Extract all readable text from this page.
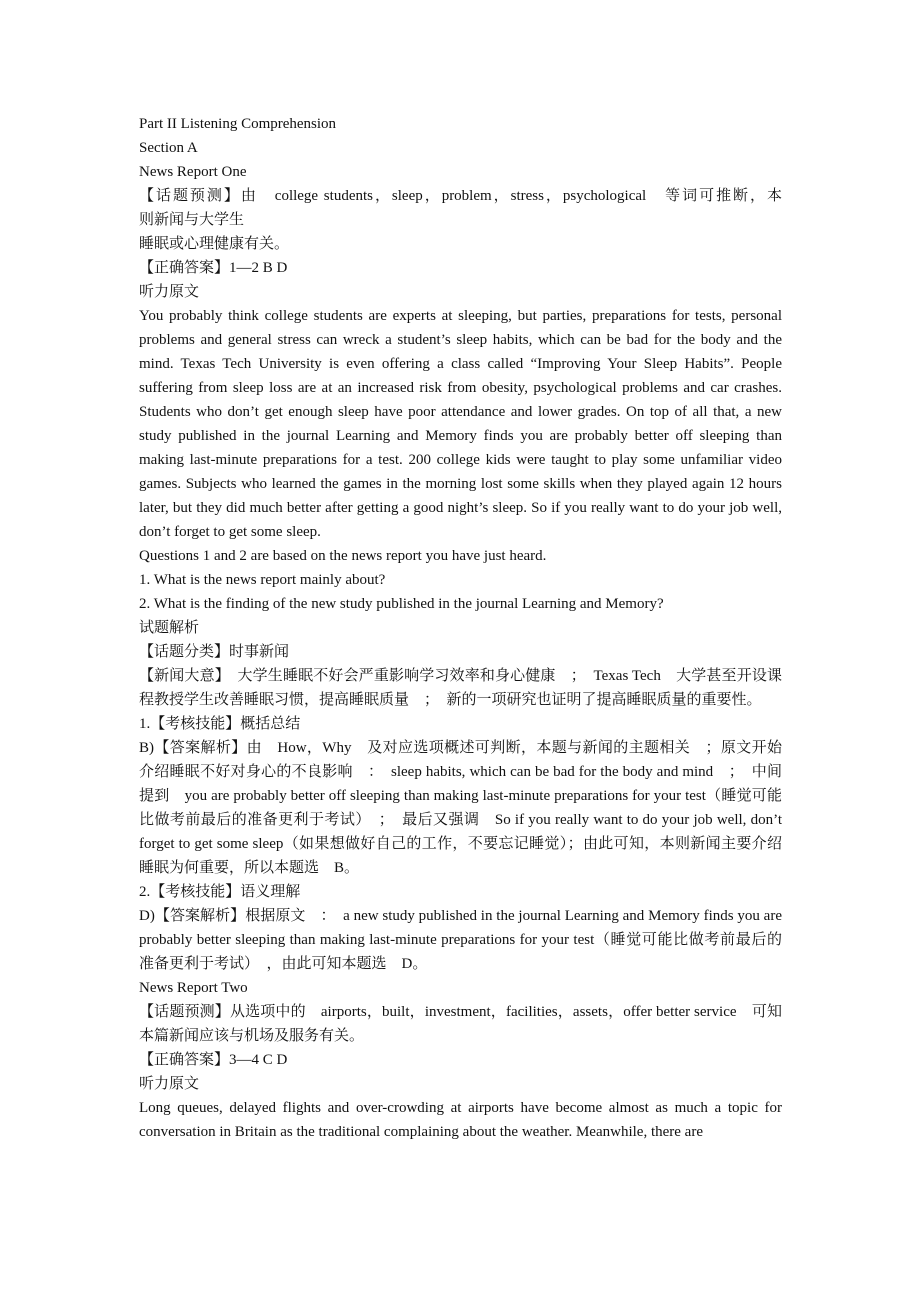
Part II Listening Comprehension

Section A

News Report One

【话题预测】由　college students，sleep，problem，stress，psychological　等词可推断，本

则新闻与大学生

睡眠或心理健康有关。

【正确答案】1—2 B D

听力原文

You probably think college students are experts at sleeping, but parties, preparations for tests, personal problems and general stress can wreck a student’s sleep habits, which can be bad for the body and the mind. Texas Tech University is even offering a class called “Improving Your Sleep Habits”. People suffering from sleep loss are at an increased risk from obesity, psychological problems and car crashes. Students who don’t get enough sleep have poor attendance and lower grades. On top of all that, a new study published in the journal Learning and Memory finds you are probably better off sleeping than making last-minute preparations for a test. 200 college kids were taught to play some unfamiliar video games. Subjects who learned the games in the morning lost some skills when they played again 12 hours later, but they did much better after getting a good night’s sleep. So if you really want to do your job well, don’t forget to get some sleep.

Questions 1 and 2 are based on the news report you have just heard.

1. What is the news report mainly about?

2. What is the finding of the new study published in the journal Learning and Memory?

试题解析

【话题分类】时事新闻

【新闻大意】　大学生睡眠不好会严重影响学习效率和身心健康　；　Texas Tech　大学甚至开设课程教授学生改善睡眠习惯，提高睡眠质量　；　新的一项研究也证明了提高睡眠质量的重要性。

1.【考核技能】概括总结

B)【答案解析】由　How，Why　及对应选项概述可判断，本题与新闻的主题相关　；原文开始介绍睡眠不好对身心的不良影响　：　sleep habits, which can be bad for the body and mind　；　中间提到　you are probably better off sleeping than making last-minute preparations for your test（睡觉可能比做考前最后的准备更利于考试）　；　最后又强调　So if you really want to do your job well, don’t forget to get some sleep（如果想做好自己的工作，不要忘记睡觉）；由此可知，本则新闻主要介绍睡眠为何重要，所以本题选　B。

2.【考核技能】语义理解

D)【答案解析】根据原文　：　a new study published in the journal Learning and Memory finds you are probably better sleeping than making last-minute preparations for your test（睡觉可能比做考前最后的准备更利于考试）　，由此可知本题选　D。

News Report Two

【话题预测】从选项中的　airports，built，investment，facilities，assets，offer better service　可知本篇新闻应该与机场及服务有关。

【正确答案】3—4 C D

听力原文

Long queues, delayed flights and over-crowding at airports have become almost as much a topic for conversation in Britain as the traditional complaining about the weather. Meanwhile, there are
